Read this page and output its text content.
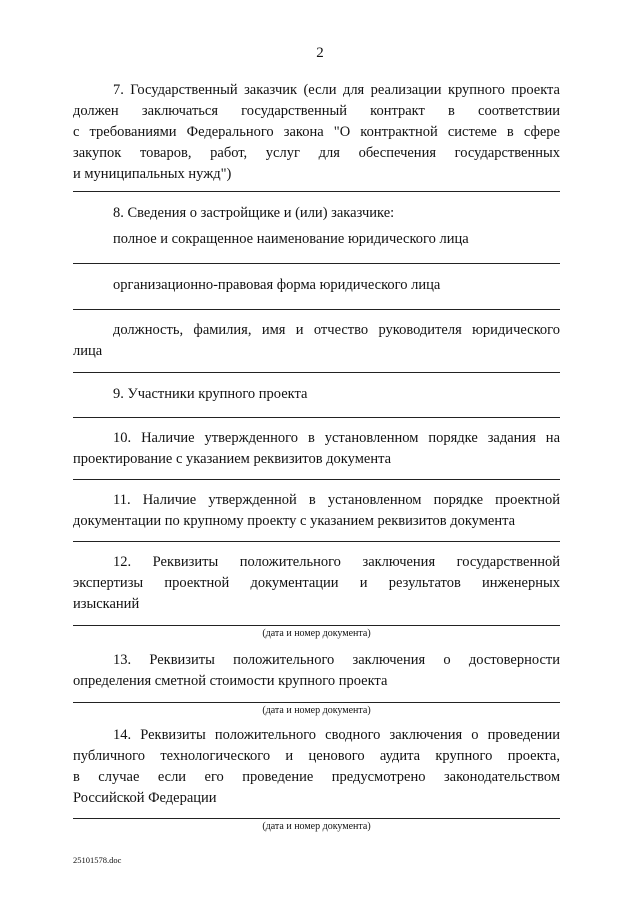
2
7. Государственный заказчик (если для реализации крупного проекта
должен заключаться государственный контракт в соответствии
с требованиями Федерального закона "О контрактной системе в сфере
закупок товаров, работ, услуг для обеспечения государственных
и муниципальных нужд")
8. Сведения о застройщике и (или) заказчике:
полное и сокращенное наименование юридического лица
организационно-правовая форма юридического лица
должность, фамилия, имя и отчество руководителя юридического
лица
9. Участники крупного проекта
10. Наличие утвержденного в установленном порядке задания на
проектирование с указанием реквизитов документа
11. Наличие утвержденной в установленном порядке проектной
документации по крупному проекту с указанием реквизитов документа
12. Реквизиты положительного заключения государственной
экспертизы проектной документации и результатов инженерных
изысканий
(дата и номер документа)
13. Реквизиты положительного заключения о достоверности
определения сметной стоимости крупного проекта
(дата и номер документа)
14. Реквизиты положительного сводного заключения о проведении
публичного технологического и ценового аудита крупного проекта,
в случае если его проведение предусмотрено законодательством
Российской Федерации
(дата и номер документа)
25101578.doc
